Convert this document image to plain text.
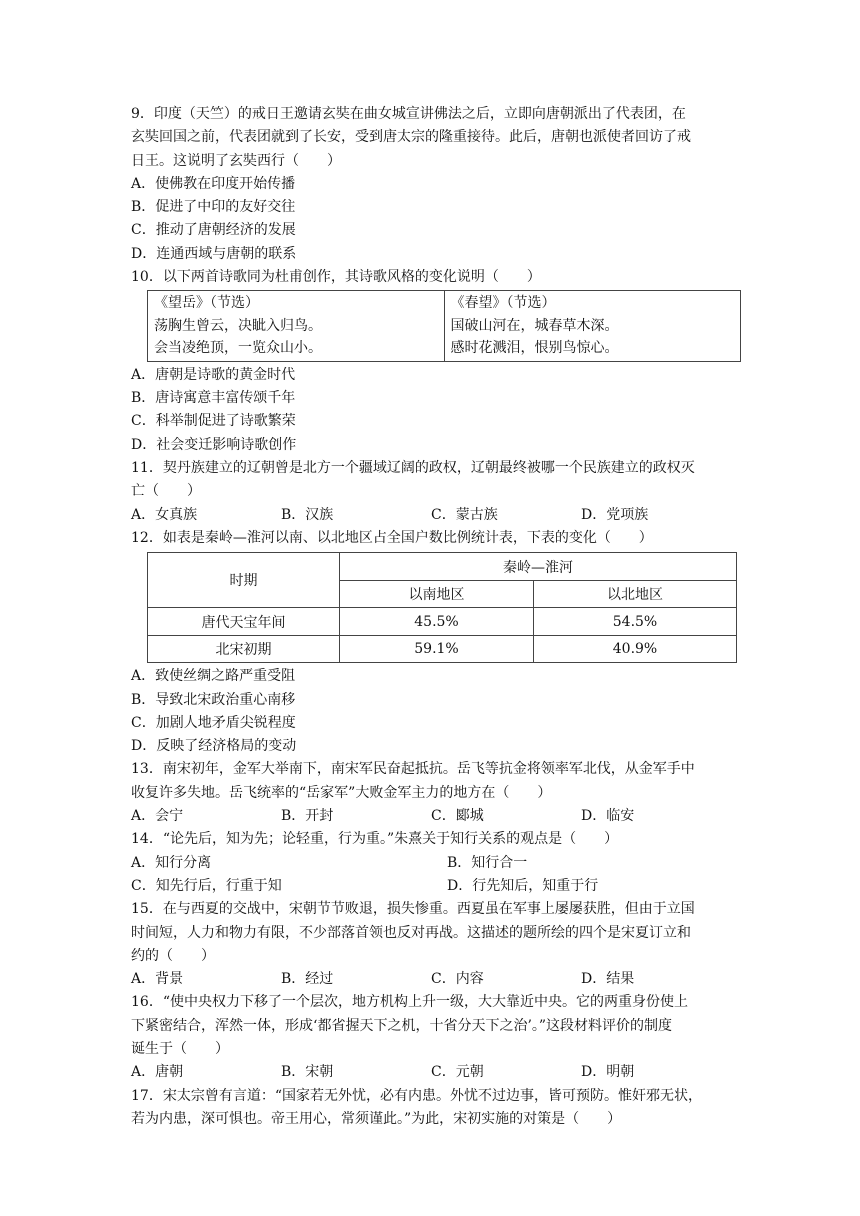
9．印度（天竺）的戒日王邀请玄奘在曲女城宣讲佛法之后，立即向唐朝派出了代表团，在
玄奘回国之前，代表团就到了长安，受到唐太宗的隆重接待。此后，唐朝也派使者回访了戒
日王。这说明了玄奘西行（　　）
A．使佛教在印度开始传播
B．促进了中印的友好交往
C．推动了唐朝经济的发展
D．连通西域与唐朝的联系
10．以下两首诗歌同为杜甫创作，其诗歌风格的变化说明（　　）
《望岳》（节选）
荡胸生曾云，决眦入归鸟。
会当凌绝顶，一览众山小。

《春望》（节选）
国破山河在，城春草木深。
感时花溅泪，恨别鸟惊心。
A．唐朝是诗歌的黄金时代
B．唐诗寓意丰富传颂千年
C．科举制促进了诗歌繁荣
D．社会变迁影响诗歌创作
11．契丹族建立的辽朝曾是北方一个疆域辽阔的政权，辽朝最终被哪一个民族建立的政权灭
亡（　　）
A．女真族	B．汉族	C．蒙古族	D．党项族
12．如表是秦岭—淮河以南、以北地区占全国户数比例统计表，下表的变化（　　）
时期	秦岭—淮河	
	以南地区	以北地区
唐代天宝年间	45.5%	54.5%
北宋初期	59.1%	40.9%
A．致使丝绸之路严重受阻
B．导致北宋政治重心南移
C．加剧人地矛盾尖锐程度
D．反映了经济格局的变动
13．南宋初年，金军大举南下，南宋军民奋起抵抗。岳飞等抗金将领率军北伐，从金军手中
收复许多失地。岳飞统率的“岳家军”大败金军主力的地方在（　　）
A．会宁	B．开封	C．郾城	D．临安
14．“论先后，知为先；论轻重，行为重。”朱熹关于知行关系的观点是（　　）
A．知行分离	B．知行合一
C．知先行后，行重于知	D．行先知后，知重于行
15．在与西夏的交战中，宋朝节节败退，损失惨重。西夏虽在军事上屡屡获胜，但由于立国
时间短，人力和物力有限，不少部落首领也反对再战。这描述的题所绘的四个是宋夏订立和
约的（　　）
A．背景	B．经过	C．内容	D．结果
16．“使中央权力下移了一个层次，地方机构上升一级，大大靠近中央。它的两重身份使上
下紧密结合，浑然一体，形成‘都省握天下之机，十省分天下之治’。”这段材料评价的制度
诞生于（　　）
A．唐朝	B．宋朝	C．元朝	D．明朝
17．宋太宗曾有言道：“国家若无外忧，必有内患。外忧不过边事，皆可预防。惟奸邪无状，
若为内患，深可惧也。帝王用心，常须谨此。”为此，宋初实施的对策是（　　）
